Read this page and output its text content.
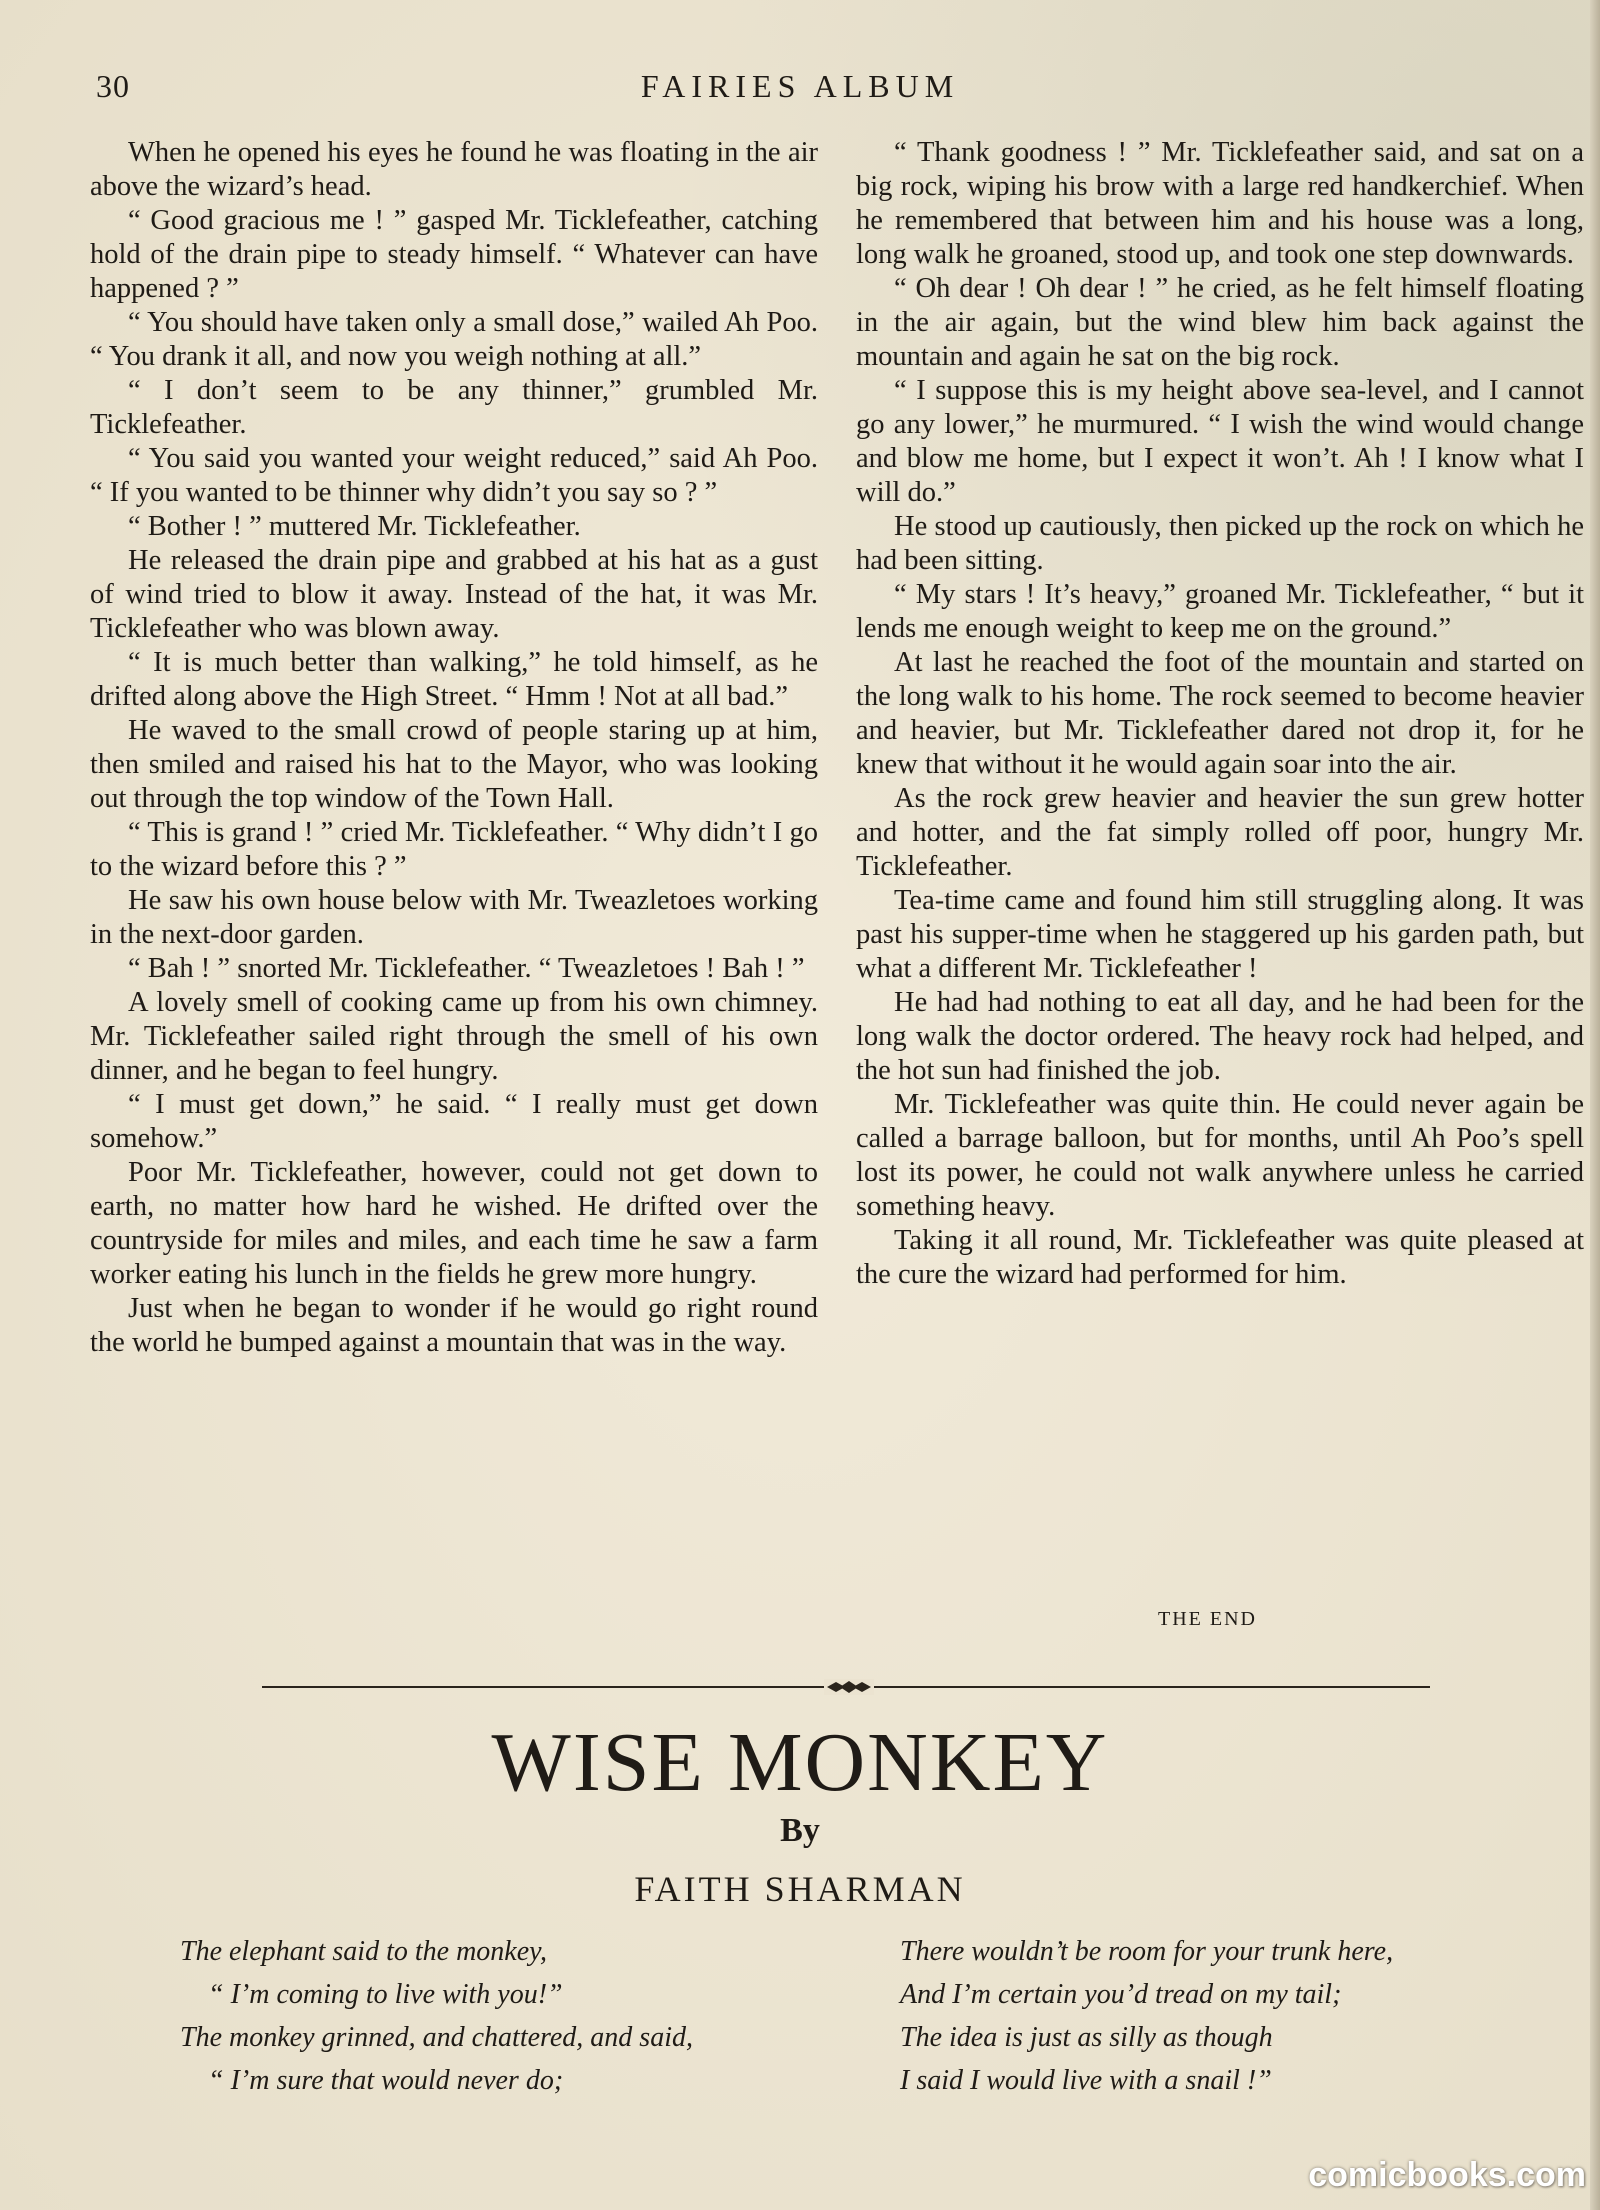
30	FAIRIES ALBUM

When he opened his eyes he found he was floating in the air above the wizard’s head.

“ Good gracious me ! ” gasped Mr. Ticklefeather, catching hold of the drain pipe to steady himself. “ Whatever can have happened ? ”

“ You should have taken only a small dose,” wailed Ah Poo. “ You drank it all, and now you weigh nothing at all.”

“ I don’t seem to be any thinner,” grumbled Mr. Ticklefeather.

“ You said you wanted your weight reduced,” said Ah Poo. “ If you wanted to be thinner why didn’t you say so ? ”

“ Bother ! ” muttered Mr. Ticklefeather.

He released the drain pipe and grabbed at his hat as a gust of wind tried to blow it away. Instead of the hat, it was Mr. Ticklefeather who was blown away.

“ It is much better than walking,” he told himself, as he drifted along above the High Street. “ Hmm ! Not at all bad.”

He waved to the small crowd of people staring up at him, then smiled and raised his hat to the Mayor, who was looking out through the top window of the Town Hall.

“ This is grand ! ” cried Mr. Ticklefeather. “ Why didn’t I go to the wizard before this ? ”

He saw his own house below with Mr. Tweazletoes working in the next-door garden.

“ Bah ! ” snorted Mr. Ticklefeather. “ Tweazletoes ! Bah ! ”

A lovely smell of cooking came up from his own chimney. Mr. Ticklefeather sailed right through the smell of his own dinner, and he began to feel hungry.

“ I must get down,” he said. “ I really must get down somehow.”

Poor Mr. Ticklefeather, however, could not get down to earth, no matter how hard he wished. He drifted over the countryside for miles and miles, and each time he saw a farm worker eating his lunch in the fields he grew more hungry.

Just when he began to wonder if he would go right round the world he bumped against a mountain that was in the way.

“ Thank goodness ! ” Mr. Ticklefeather said, and sat on a big rock, wiping his brow with a large red handkerchief. When he remembered that between him and his house was a long, long walk he groaned, stood up, and took one step downwards.

“ Oh dear ! Oh dear ! ” he cried, as he felt himself floating in the air again, but the wind blew him back against the mountain and again he sat on the big rock.

“ I suppose this is my height above sea-level, and I cannot go any lower,” he murmured. “ I wish the wind would change and blow me home, but I expect it won’t. Ah ! I know what I will do.”

He stood up cautiously, then picked up the rock on which he had been sitting.

“ My stars ! It’s heavy,” groaned Mr. Ticklefeather, “ but it lends me enough weight to keep me on the ground.”

At last he reached the foot of the mountain and started on the long walk to his home. The rock seemed to become heavier and heavier, but Mr. Ticklefeather dared not drop it, for he knew that without it he would again soar into the air.

As the rock grew heavier and heavier the sun grew hotter and hotter, and the fat simply rolled off poor, hungry Mr. Ticklefeather.

Tea-time came and found him still struggling along. It was past his supper-time when he staggered up his garden path, but what a different Mr. Ticklefeather !

He had had nothing to eat all day, and he had been for the long walk the doctor ordered. The heavy rock had helped, and the hot sun had finished the job.

Mr. Ticklefeather was quite thin. He could never again be called a barrage balloon, but for months, until Ah Poo’s spell lost its power, he could not walk anywhere unless he carried something heavy.

Taking it all round, Mr. Ticklefeather was quite pleased at the cure the wizard had performed for him.

THE END
WISE MONKEY
By
FAITH SHARMAN
The elephant said to the monkey,
“ I’m coming to live with you!”
The monkey grinned, and chattered, and said,
“ I’m sure that would never do;
There wouldn’t be room for your trunk here,
And I’m certain you’d tread on my tail;
The idea is just as silly as though
I said I would live with a snail !”
comicbooks.com
